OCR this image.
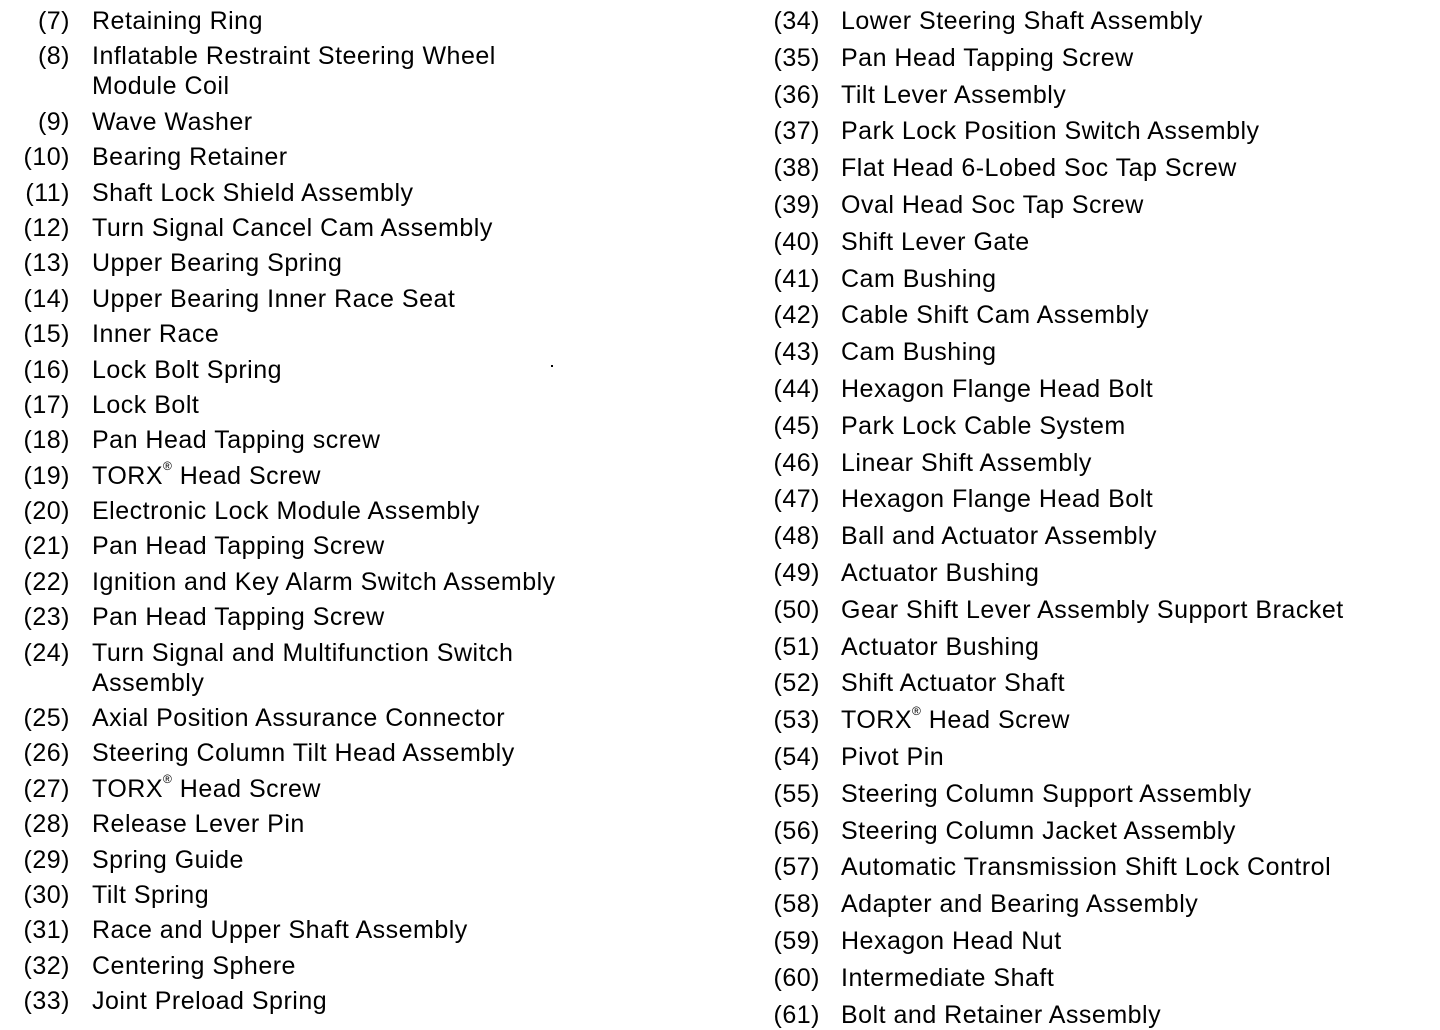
(7) Retaining Ring
(8) Inflatable Restraint Steering Wheel
Module Coil
(9) Wave Washer
(10) Bearing Retainer
(11) Shaft Lock Shield Assembly
(12) Turn Signal Cancel Cam Assembly
(13) Upper Bearing Spring
(14) Upper Bearing Inner Race Seat
(15) Inner Race
(16) Lock Bolt Spring
(17) Lock Bolt
(18) Pan Head Tapping screw
(19) TORX® Head Screw
(20) Electronic Lock Module Assembly
(21) Pan Head Tapping Screw
(22) Ignition and Key Alarm Switch Assembly
(23) Pan Head Tapping Screw
(24) Turn Signal and Multifunction Switch
Assembly
(25) Axial Position Assurance Connector
(26) Steering Column Tilt Head Assembly
(27) TORX® Head Screw
(28) Release Lever Pin
(29) Spring Guide
(30) Tilt Spring
(31) Race and Upper Shaft Assembly
(32) Centering Sphere
(33) Joint Preload Spring
(34) Lower Steering Shaft Assembly
(35) Pan Head Tapping Screw
(36) Tilt Lever Assembly
(37) Park Lock Position Switch Assembly
(38) Flat Head 6-Lobed Soc Tap Screw
(39) Oval Head Soc Tap Screw
(40) Shift Lever Gate
(41) Cam Bushing
(42) Cable Shift Cam Assembly
(43) Cam Bushing
(44) Hexagon Flange Head Bolt
(45) Park Lock Cable System
(46) Linear Shift Assembly
(47) Hexagon Flange Head Bolt
(48) Ball and Actuator Assembly
(49) Actuator Bushing
(50) Gear Shift Lever Assembly Support Bracket
(51) Actuator Bushing
(52) Shift Actuator Shaft
(53) TORX® Head Screw
(54) Pivot Pin
(55) Steering Column Support Assembly
(56) Steering Column Jacket Assembly
(57) Automatic Transmission Shift Lock Control
(58) Adapter and Bearing Assembly
(59) Hexagon Head Nut
(60) Intermediate Shaft
(61) Bolt and Retainer Assembly
